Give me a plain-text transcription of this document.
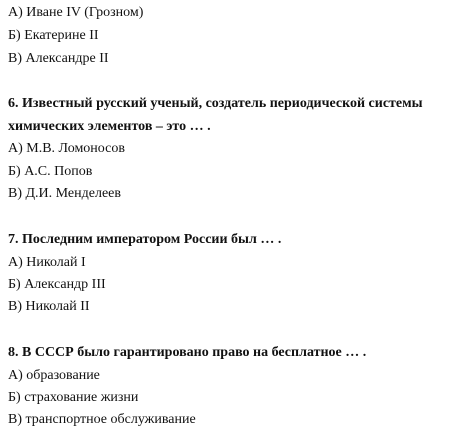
А) Иване IV (Грозном)

Б) Екатерине II

В) Александре II

6. Известный русский ученый, создатель периодической системы

химических элементов – это … .

А) М.В. Ломоносов

Б) А.С. Попов

В) Д.И. Менделеев

7. Последним императором России был … .

А) Николай I

Б) Александр III

В) Николай II

8. В СССР было гарантировано право на бесплатное … .

А) образование

Б) страхование жизни

В) транспортное обслуживание
